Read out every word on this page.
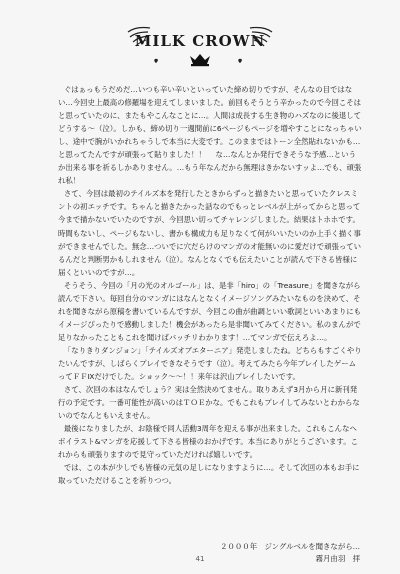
MILK CROWN

ぐはぁっもうだめだ…いつも辛い辛いといっていた締め切りですが、そんなの目ではない…今回史上最高の修羅場を迎えてしまいました。前回もそうとう辛かったので今回こそはと思っていたのに、またもやこんなことに…。人間は成長する生き物のハズなのに後退してどうする〜（泣）。しかも、締め切り一週間前に6ページもページを増やすことになっちゃいし、途中で腕がいかれちゃうしで本当に大変です。このままではトーン全然貼れないかも…と思ってたんですが頑張って貼りました！！ 　な…なんとか発行できそうな予感…というか出来る事を祈るしかありません。…もう年なんだから無理はきかないすッよ…でも、頑張れ私！

さて、今回は最初のテイルズ本を発行したときからずっと描きたいと思っていたクレスミントの初エッチです。ちゃんと描きたかった話なのでもっとレベルが上がってからと思って今まで描かないでいたのですが、今回思い切ってチャレンジしました。結果はトホホです。時間もないし、ページもないし、書かも構成力も足りなくて何がいいたいのか上手く描く事ができませんでした。無念…ついでに穴だらけのマンガのオ能無いのに愛だけで頑張っているんだと判断男かもしれません（泣）。なんとなくでも伝えたいことが読んで下さる皆様に届くといいのですが…。

そうそう、今回の「月の光のオルゴール」は、是非「hiro」の「Treasure」を聞きながら読んで下さい。毎回自分のマンガにはなんとなくイメージソングみたいなものを決めて、それを聞きながら原稿を書いているんですが、今回この曲が曲調といい歌詞といいあまりにもイメージぴったりで感動しました！機会があったら是非聞いてみてください。私のまんがで足りなかったこともこれを聞けばバッチリわかります！…てマンガで伝えろよ…。

「なりきりダンジョン」「テイルズオブエターニア」発売しましたね。どちらもすごくやりたいんですが、しばらくプレイできなそうです（泣）。考えてみたら今年プレイしたゲームってＦＦⅨだけでした。ショック〜〜！！来年は沢山プレイしたいです。

さて、次回の本はなんでしょう？実は全然決めてません。取りあえず3月から月に新刊発行の予定です。一番可能性が高いのはＴＯＥかな。でもこれもプレイしてみないとわからないのでなんともいえません。

最後になりましたが、お陰様で同人活動3周年を迎える事が出来ました。これもこんなヘボイラスト&マンガを応援して下さる皆様のおかげです。本当にありがとうございます。これからも頑張りますので見守っていただければ嬉しいです。

では、この本が少しでも皆様の元気の足しになりますように…。そして次回の本もお手に取っていただけることを祈りつつ。

２０００年　ジングルベルを聞きながら…
霧月由羽　拝
41
